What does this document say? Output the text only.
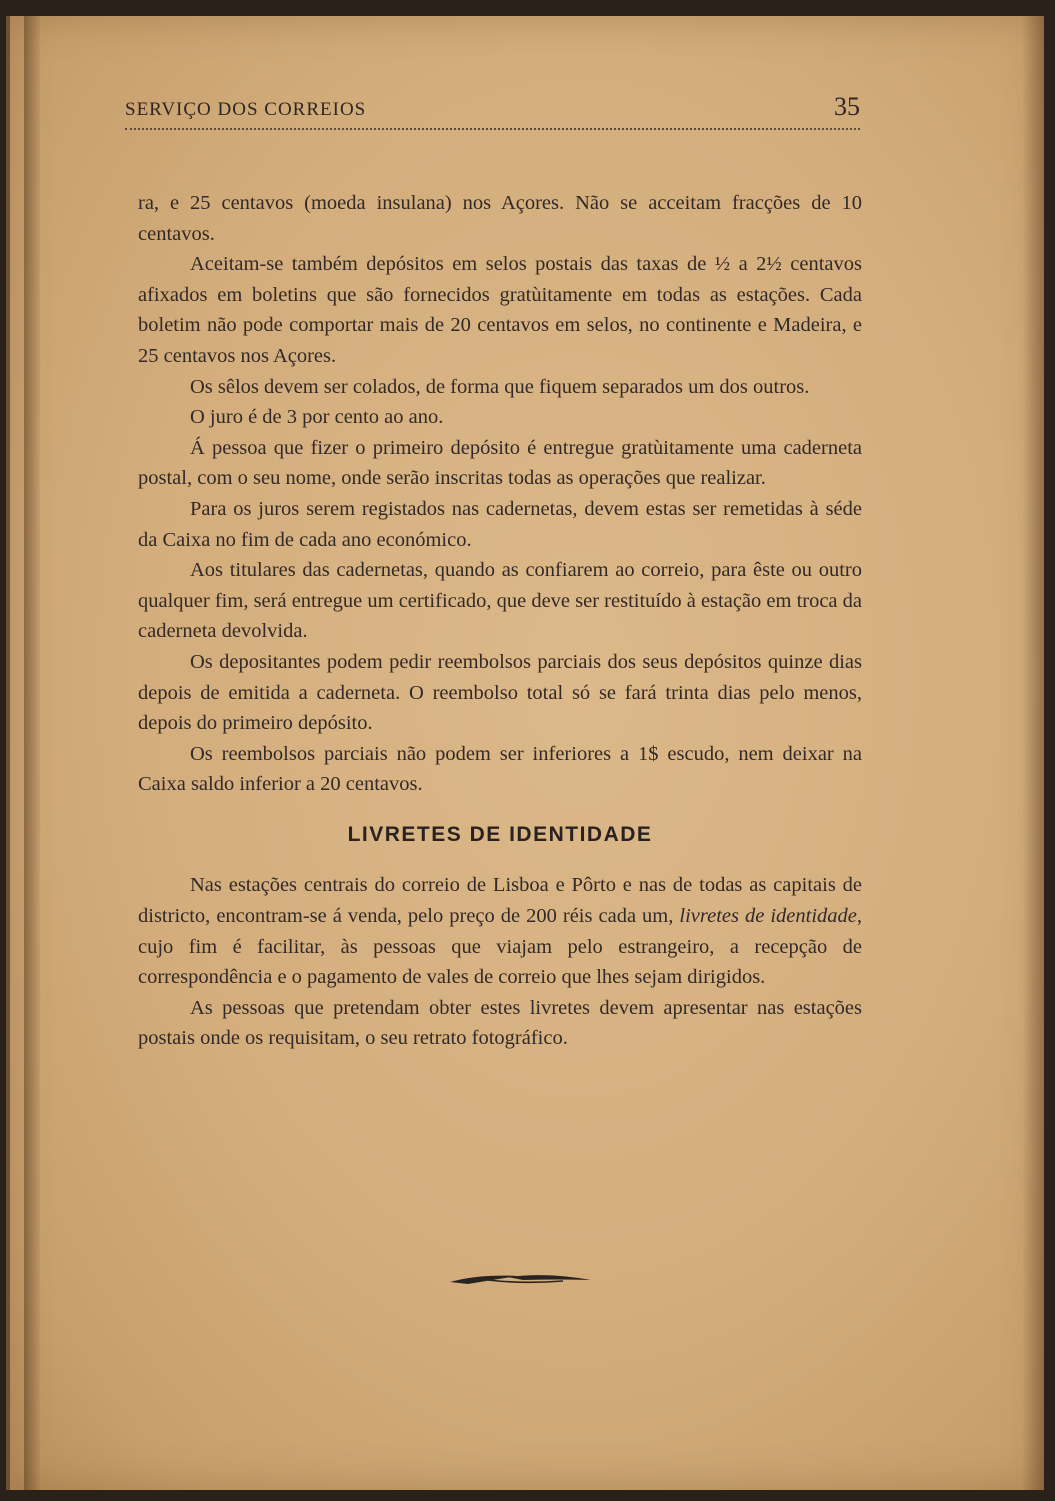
SERVIÇO DOS CORREIOS	35

ra, e 25 centavos (moeda insulana) nos Açores. Não se acceitam fracções de 10 centavos.

Aceitam-se também depósitos em selos postais das taxas de ½ a 2½ centavos afixados em boletins que são fornecidos gratùitamente em todas as estações. Cada boletim não pode comportar mais de 20 centavos em selos, no continente e Madeira, e 25 centavos nos Açores.

Os sêlos devem ser colados, de forma que fiquem separados um dos outros.

O juro é de 3 por cento ao ano.

Á pessoa que fizer o primeiro depósito é entregue gratùitamente uma caderneta postal, com o seu nome, onde serão inscritas todas as operações que realizar.

Para os juros serem registados nas cadernetas, devem estas ser remetidas à séde da Caixa no fim de cada ano económico.

Aos titulares das cadernetas, quando as confiarem ao correio, para êste ou outro qualquer fim, será entregue um certificado, que deve ser restituído à estação em troca da caderneta devolvida.

Os depositantes podem pedir reembolsos parciais dos seus depósitos quinze dias depois de emitida a caderneta. O reembolso total só se fará trinta dias pelo menos, depois do primeiro depósito.

Os reembolsos parciais não podem ser inferiores a 1$ escudo, nem deixar na Caixa saldo inferior a 20 centavos.

LIVRETES DE IDENTIDADE

Nas estações centrais do correio de Lisboa e Pôrto e nas de todas as capitais de districto, encontram-se á venda, pelo preço de 200 réis cada um, livretes de identidade, cujo fim é facilitar, às pessoas que viajam pelo estrangeiro, a recepção de correspondência e o pagamento de vales de correio que lhes sejam dirigidos.

As pessoas que pretendam obter estes livretes devem apresentar nas estações postais onde os requisitam, o seu retrato fotográfico.
